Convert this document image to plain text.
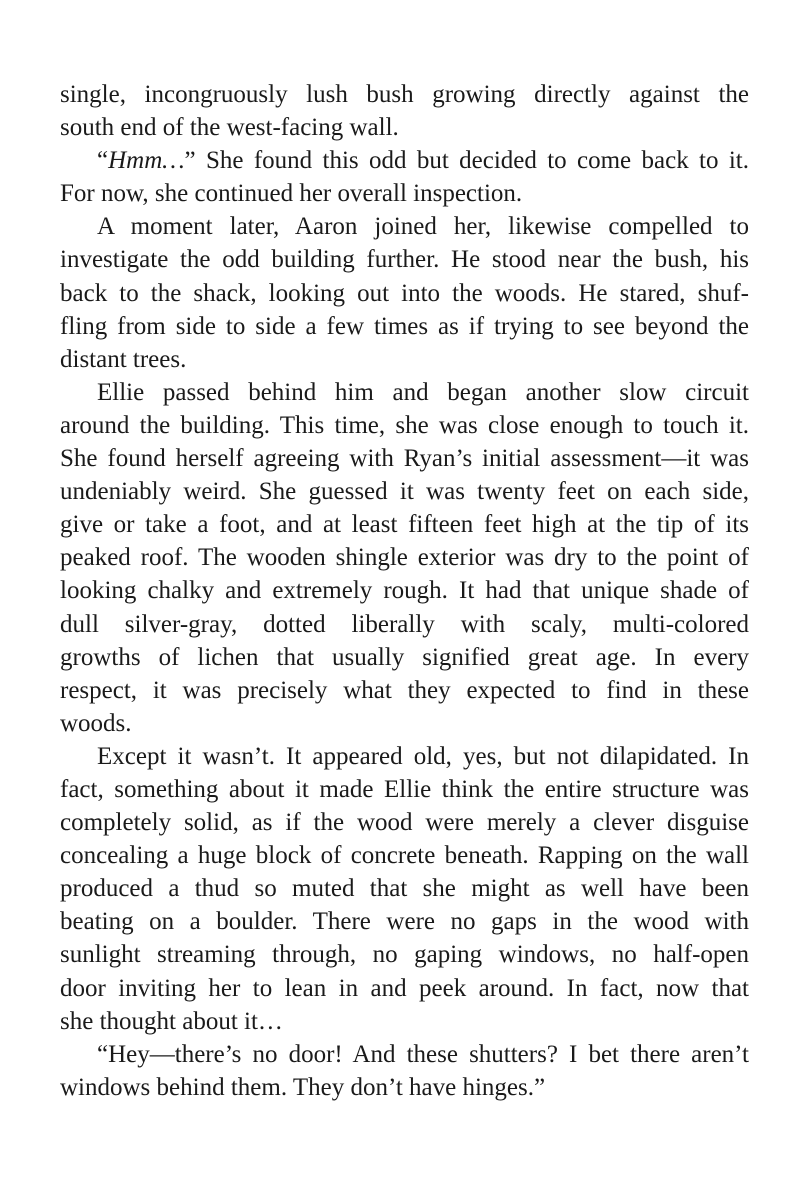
single, incongruously lush bush growing directly against the
south end of the west-facing wall.
“Hmm…” She found this odd but decided to come back to it.
For now, she continued her overall inspection.
A moment later, Aaron joined her, likewise compelled to
investigate the odd building further. He stood near the bush, his
back to the shack, looking out into the woods. He stared, shuf-
fling from side to side a few times as if trying to see beyond the
distant trees.
Ellie passed behind him and began another slow circuit
around the building. This time, she was close enough to touch it.
She found herself agreeing with Ryan’s initial assessment—it was
undeniably weird. She guessed it was twenty feet on each side,
give or take a foot, and at least fifteen feet high at the tip of its
peaked roof. The wooden shingle exterior was dry to the point of
looking chalky and extremely rough. It had that unique shade of
dull silver-gray, dotted liberally with scaly, multi-colored
growths of lichen that usually signified great age. In every
respect, it was precisely what they expected to find in these
woods.
Except it wasn’t. It appeared old, yes, but not dilapidated. In
fact, something about it made Ellie think the entire structure was
completely solid, as if the wood were merely a clever disguise
concealing a huge block of concrete beneath. Rapping on the wall
produced a thud so muted that she might as well have been
beating on a boulder. There were no gaps in the wood with
sunlight streaming through, no gaping windows, no half-open
door inviting her to lean in and peek around. In fact, now that
she thought about it…
“Hey—there’s no door! And these shutters? I bet there aren’t
windows behind them. They don’t have hinges.”
